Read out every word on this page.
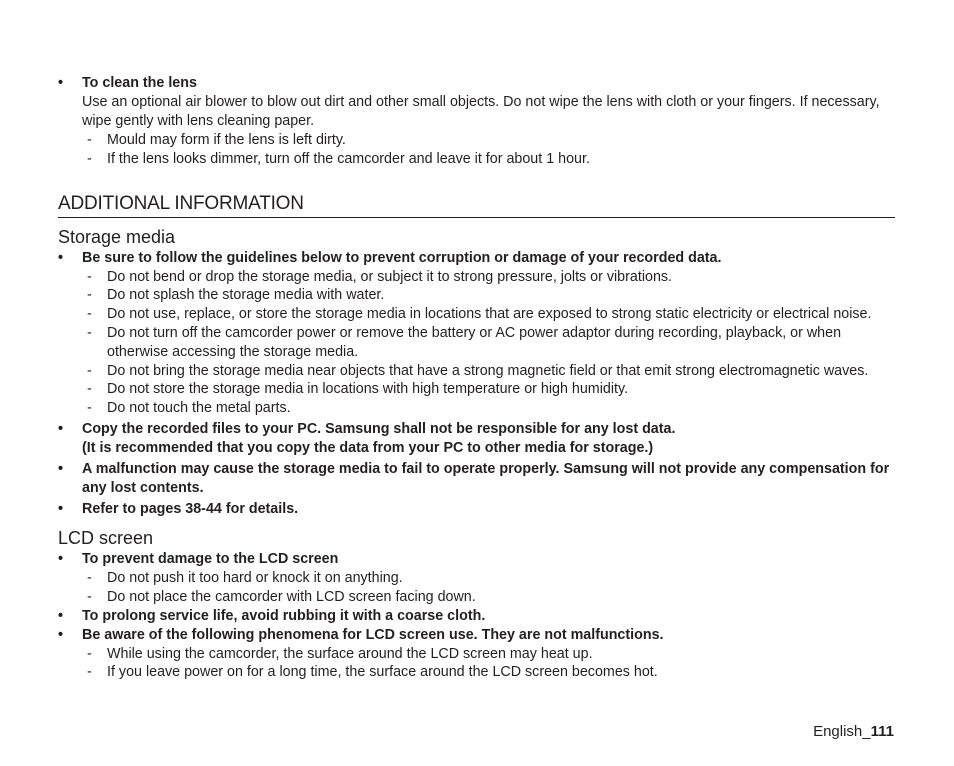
• To clean the lens
Use an optional air blower to blow out dirt and other small objects. Do not wipe the lens with cloth or your fingers. If necessary, wipe gently with lens cleaning paper.
- Mould may form if the lens is left dirty.
- If the lens looks dimmer, turn off the camcorder and leave it for about 1 hour.
ADDITIONAL INFORMATION
Storage media
• Be sure to follow the guidelines below to prevent corruption or damage of your recorded data.
- Do not bend or drop the storage media, or subject it to strong pressure, jolts or vibrations.
- Do not splash the storage media with water.
- Do not use, replace, or store the storage media in locations that are exposed to strong static electricity or electrical noise.
- Do not turn off the camcorder power or remove the battery or AC power adaptor during recording, playback, or when otherwise accessing the storage media.
- Do not bring the storage media near objects that have a strong magnetic field or that emit strong electromagnetic waves.
- Do not store the storage media in locations with high temperature or high humidity.
- Do not touch the metal parts.
• Copy the recorded files to your PC. Samsung shall not be responsible for any lost data.
(It is recommended that you copy the data from your PC to other media for storage.)
• A malfunction may cause the storage media to fail to operate properly. Samsung will not provide any compensation for any lost contents.
• Refer to pages 38-44 for details.
LCD screen
• To prevent damage to the LCD screen
- Do not push it too hard or knock it on anything.
- Do not place the camcorder with LCD screen facing down.
• To prolong service life, avoid rubbing it with a coarse cloth.
• Be aware of the following phenomena for LCD screen use. They are not malfunctions.
- While using the camcorder, the surface around the LCD screen may heat up.
- If you leave power on for a long time, the surface around the LCD screen becomes hot.
English_111
